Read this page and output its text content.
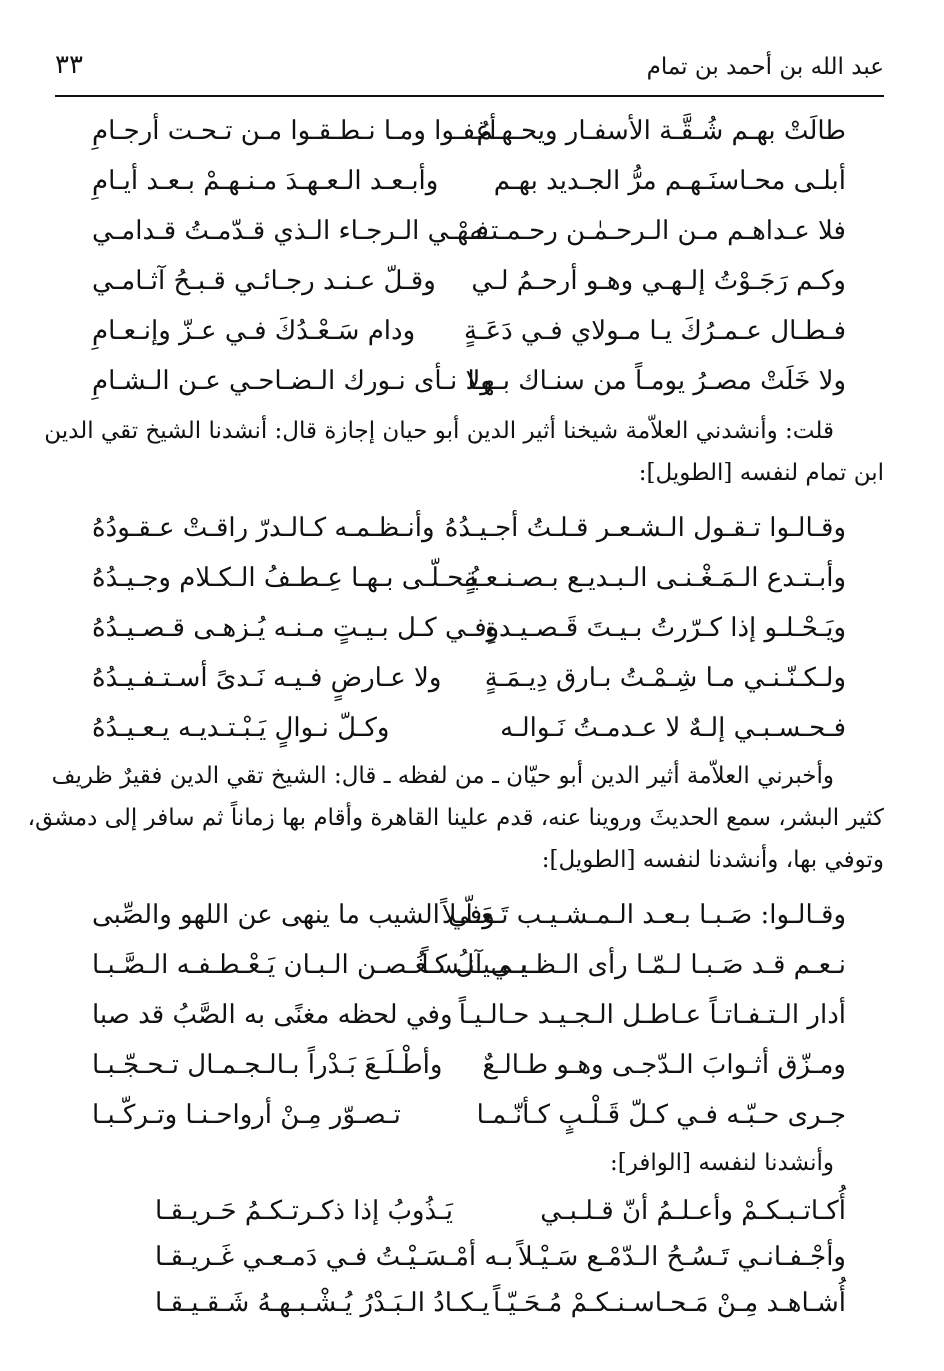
عبد الله بن أحمد بن تمام
٣٣
طالَتْ بهـم شُـقَّـة الأسفـار ويحـهـمُ
أغفـوا ومـا نـطـقـوا مـن تـحـت أرجـامِ
أبلـى محـاسنَـهـم مرُّ الجـديد بهـم
وأبـعـد الـعـهـدَ مـنـهـمْ بـعـد أيـامِ
فلا عـداهـم مـن الـرحـمٰـن رحـمـتـه
فـهْـي الـرجـاء الـذي قـدّمـتُ قـدامـي
وكـم رَجَـوْتُ إلـهـي وهـو أرحـمُ لـي
وقـلّ عـنـد رجـائـي قـبـحُ آثـامـي
فـطـال عـمـرُكَ يـا مـولاي فـي دَعَـةٍ
ودام سَـعْـدُكَ فـي عـزّ وإنـعـامِ
ولا خَلَتْ مصـرُ يومـاً من سنـاك بـهـا
ولا نـأى نـورك الـضـاحـي عـن الـشـامِ
قلت: وأنشدني العلاّمة شيخنا أثير الدين أبو حيان إجازة قال: أنشدنا الشيخ تقي الدين
ابن تمام لنفسه [الطويل]:
وقـالـوا تـقـول الـشـعـر قـلـتُ أجـيـدُهُ
وأنـظـمـه كـالـدرّ راقـتْ عـقـودُهُ
وأبـتـدع الـمَـغْـنـى الـبـديـع بـصـنـعـةٍ
يُـحـلّـى بـهـا عِـطـفُ الـكـلام وجـيـدُهُ
ويَـحْـلـو إذا كـرّرتُ بـيـتَ قَـصـيـدةٍ
وفـي كـل بـيـتٍ مـنـه يُـزهـى قـصـيـدُهُ
ولـكـنّـنـي مـا شِـمْـتُ بـارق دِيـمَـةٍ
ولا عـارضٍ فـيـه نَـدىً أسـتـفـيـدُهُ
فـحـسـبـي إلـهٌ لا عـدمـتُ نَـوالـه
وكـلّ نـوالٍ يَـبْـتـديـه يـعـيـدُهُ
وأخبرني العلاّمة أثير الدين أبو حيّان ـ من لفظه ـ قال: الشيخ تقي الدين فقيرٌ ظريف
كثير البشر، سمع الحديثَ وروينا عنه، قدم علينا القاهرة وأقام بها زماناً ثم سافر إلى دمشق،
وتوفي بها، وأنشدنا لنفسه [الطويل]:
وقـالـوا: صَـبـا بـعـد الـمـشـيـب تَـعَـلّـلاً
وفي الشيب ما ينهى عن اللهو والصِّبى
نـعـم قـد صَـبـا لـمّـا رأى الـظـبـي آنـسـاً
يـمـيـلُ كـغُـصـن الـبـان يَـعْـطـفـه الـصَّـبـا
أدار الـتـفـاتـاً عـاطـل الـجـيـد حـالـيـاً
وفي لحظه مغنًى به الصَّبُ قد صبا
ومـزّق أثـوابَ الـدّجـى وهـو طـالـعٌ
وأطْـلَـعَ بَـدْراً بـالـجـمـال تـحـجّـبـا
جـرى حـبّـه فـي كـلّ قَـلْـبٍ كـأنّـمـا
تـصـوّر مِـنْ أرواحـنـا وتـركّـبـا
وأنشدنا لنفسه [الوافر]:
أُكـاتـبـكـمْ وأعـلـمُ أنّ قـلـبـي
يَـذُوبُ إذا ذكـرتـكـمُ حَـريـقـا
وأجْـفـانـي تَـسُـحُ الـدّمْـع سَـيْـلاً
بـه أمْـسَـيْـتُ فـي دَمـعـي غَـريـقـا
أُشـاهـد مِـنْ مَـحـاسـنـكـمْ مُـحَـيّـاً
يـكـادُ الـبَـدْرُ يُـشْـبـهـهُ شَـقـيـقـا
